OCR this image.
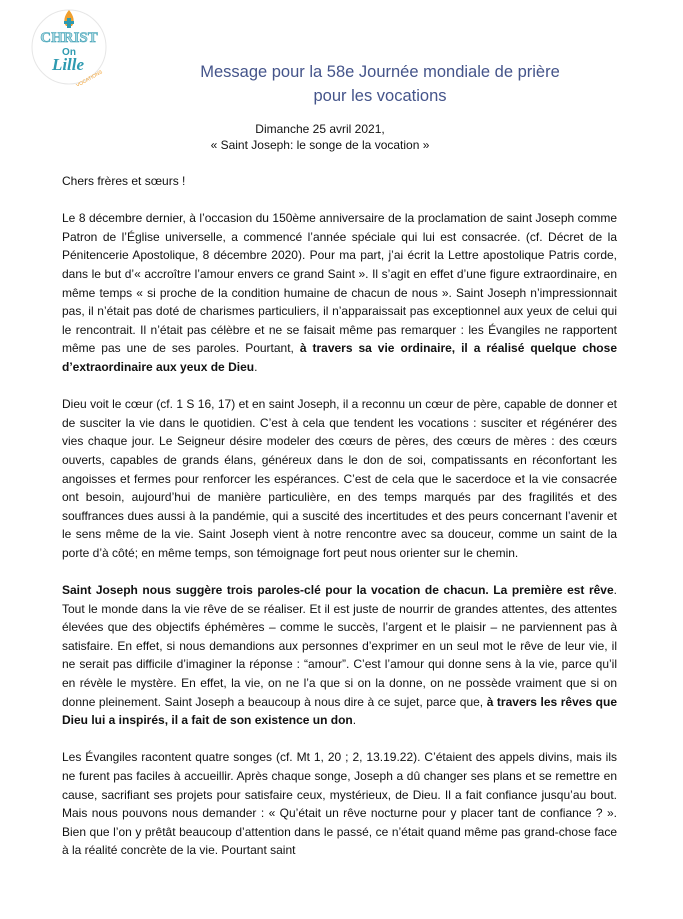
CHRIST
On
Lille
VOCATIONS	Message pour la 58e Journée mondiale de prière
pour les vocations
Dimanche 25 avril 2021,
« Saint Joseph: le songe de la vocation »

Chers frères et sœurs !

Le 8 décembre dernier, à l’occasion du 150ème anniversaire de la proclamation de saint Joseph comme Patron de l’Église universelle, a commencé l’année spéciale qui lui est consacrée. (cf. Décret de la Pénitencerie Apostolique, 8 décembre 2020). Pour ma part, j’ai écrit la Lettre apostolique Patris corde, dans le but d’« accroître l’amour envers ce grand Saint ». Il s’agit en effet d’une figure extraordinaire, en même temps « si proche de la condition humaine de chacun de nous ». Saint Joseph n’impressionnait pas, il n’était pas doté de charismes particuliers, il n’apparaissait pas exceptionnel aux yeux de celui qui le rencontrait. Il n’était pas célèbre et ne se faisait même pas remarquer : les Évangiles ne rapportent même pas une de ses paroles. Pourtant, à travers sa vie ordinaire, il a réalisé quelque chose d’extraordinaire aux yeux de Dieu.

Dieu voit le cœur (cf. 1 S 16, 17) et en saint Joseph, il a reconnu un cœur de père, capable de donner et de susciter la vie dans le quotidien. C’est à cela que tendent les vocations : susciter et régénérer des vies chaque jour. Le Seigneur désire modeler des cœurs de pères, des cœurs de mères : des cœurs ouverts, capables de grands élans, généreux dans le don de soi, compatissants en réconfortant les angoisses et fermes pour renforcer les espérances. C’est de cela que le sacerdoce et la vie consacrée ont besoin, aujourd’hui de manière particulière, en des temps marqués par des fragilités et des souffrances dues aussi à la pandémie, qui a suscité des incertitudes et des peurs concernant l’avenir et le sens même de la vie. Saint Joseph vient à notre rencontre avec sa douceur, comme un saint de la porte d’à côté; en même temps, son témoignage fort peut nous orienter sur le chemin.

Saint Joseph nous suggère trois paroles-clé pour la vocation de chacun. La première est rêve. Tout le monde dans la vie rêve de se réaliser. Et il est juste de nourrir de grandes attentes, des attentes élevées que des objectifs éphémères – comme le succès, l’argent et le plaisir – ne parviennent pas à satisfaire. En effet, si nous demandions aux personnes d’exprimer en un seul mot le rêve de leur vie, il ne serait pas difficile d’imaginer la réponse : “amour”. C’est l’amour qui donne sens à la vie, parce qu’il en révèle le mystère. En effet, la vie, on ne l’a que si on la donne, on ne possède vraiment que si on donne pleinement. Saint Joseph a beaucoup à nous dire à ce sujet, parce que, à travers les rêves que Dieu lui a inspirés, il a fait de son existence un don.

Les Évangiles racontent quatre songes (cf. Mt 1, 20 ; 2, 13.19.22). C’étaient des appels divins, mais ils ne furent pas faciles à accueillir. Après chaque songe, Joseph a dû changer ses plans et se remettre en cause, sacrifiant ses projets pour satisfaire ceux, mystérieux, de Dieu. Il a fait confiance jusqu’au bout. Mais nous pouvons nous demander : « Qu’était un rêve nocturne pour y placer tant de confiance ? ». Bien que l’on y prêtât beaucoup d’attention dans le passé, ce n’était quand même pas grand-chose face à la réalité concrète de la vie. Pourtant saint
